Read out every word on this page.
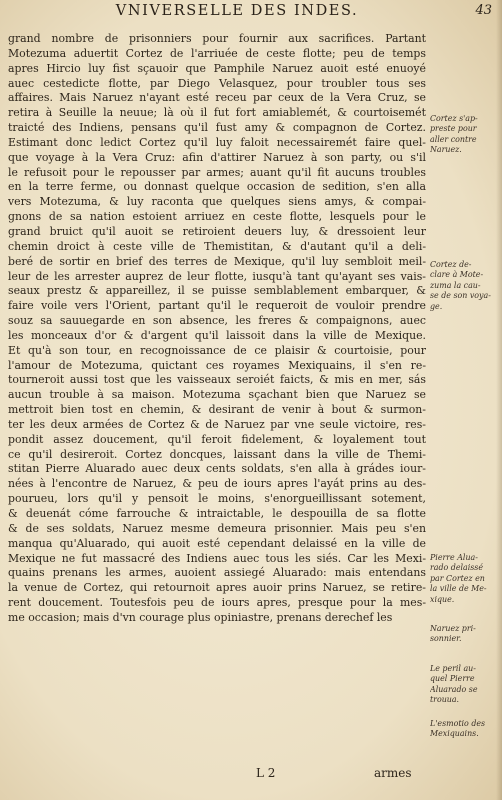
VNIVERSELLE DES INDES.	43
grand nombre de prisonniers pour fournir aux sacrifices. Partant
Motezuma aduertit Cortez de l'arriuée de ceste flotte; peu de temps
apres Hircio luy fist sçauoir que Pamphile Naruez auoit esté enuoyé
auec cestedicte flotte, par Diego Velasquez, pour troubler tous ses
affaires. Mais Naruez n'ayant esté receu par ceux de la Vera Cruz, se
retira à Seuille la neuue; là où il fut fort amiablemét, & courtoisemét
traicté des Indiens, pensans qu'il fust amy & compagnon de Cortez.
Estimant donc ledict Cortez qu'il luy faloit necessairemét faire quel-
que voyage à la Vera Cruz: afin d'attirer Naruez à son party, ou s'il
le refusoit pour le repousser par armes; auant qu'il fit aucuns troubles
en la terre ferme, ou donnast quelque occasion de sedition, s'en alla
vers Motezuma, & luy raconta que quelques siens amys, & compai-
gnons de sa nation estoient arriuez en ceste flotte, lesquels pour le
grand bruict qu'il auoit se retiroient deuers luy, & dressoient leur
chemin droict à ceste ville de Themistitan, & d'autant qu'il a deli-
beré de sortir en brief des terres de Mexique, qu'il luy sembloit meil-
leur de les arrester auprez de leur flotte, iusqu'à tant qu'ayant ses vais-
seaux prestz & appareillez, il se puisse semblablement embarquer, &
faire voile vers l'Orient, partant qu'il le requeroit de vouloir prendre
souz sa sauuegarde en son absence, les freres & compaignons, auec
les monceaux d'or & d'argent qu'il laissoit dans la ville de Mexique.
Et qu'à son tour, en recognoissance de ce plaisir & courtoisie, pour
l'amour de Motezuma, quictant ces royames Mexiquains, il s'en re-
tourneroit aussi tost que les vaisseaux seroiét faicts, & mis en mer, sás
aucun trouble à sa maison. Motezuma sçachant bien que Naruez se
mettroit bien tost en chemin, & desirant de venir à bout & surmon-
ter les deux armées de Cortez & de Naruez par vne seule victoire, res-
pondit assez doucement, qu'il feroit fidelement, & loyalement tout
ce qu'il desireroit. Cortez doncques, laissant dans la ville de Themi-
stitan Pierre Aluarado auec deux cents soldats, s'en alla à grádes iour-
nées à l'encontre de Naruez, & peu de iours apres l'ayát prins au des-
pourueu, lors qu'il y pensoit le moins, s'enorgueillissant sotement,
& deuenát cóme farrouche & intraictable, le despouilla de sa flotte
& de ses soldats, Naruez mesme demeura prisonnier. Mais peu s'en
manqua qu'Aluarado, qui auoit esté cependant delaissé en la ville de
Mexique ne fut massacré des Indiens auec tous les siés. Car les Mexi-
quains prenans les armes, auoient assiegé Aluarado: mais entendans
la venue de Cortez, qui retournoit apres auoir prins Naruez, se retire-
rent doucement. Toutesfois peu de iours apres, presque pour la mes-
me occasion; mais d'vn courage plus opiniastre, prenans derechef les
Cortez s'ap-
preste pour
aller contre
Naruez.
Cortez de-
clare à Mote-
zuma la cau-
se de son voya-
ge.
Pierre Alua-
rado delaissé
par Cortez en
la ville de Me-
xique.
Naruez pri-
sonnier.
Le peril au-
quel Pierre
Aluarado se
trouua.
L'esmotio des
Mexiquains.
L 2	armes
